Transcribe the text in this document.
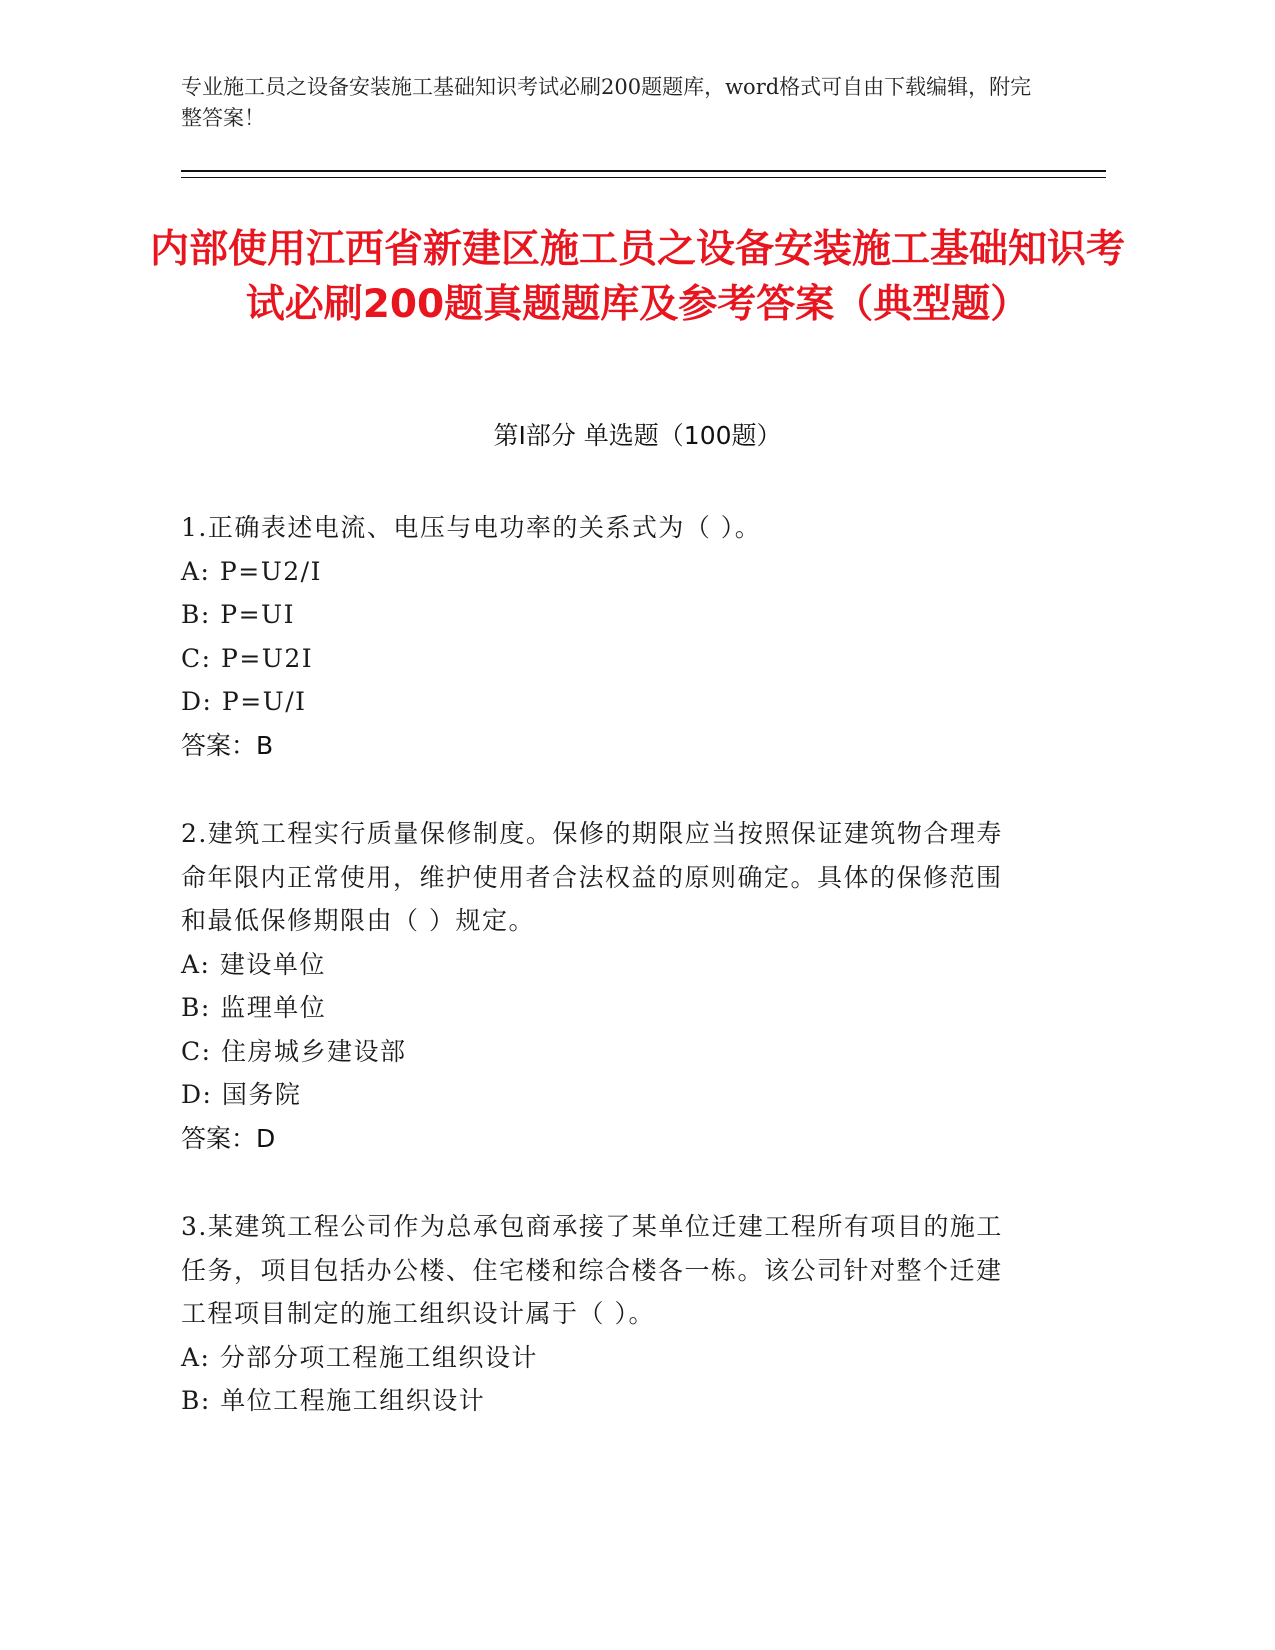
专业施工员之设备安装施工基础知识考试必刷200题题库，word格式可自由下载编辑，附完整答案！
内部使用江西省新建区施工员之设备安装施工基础知识考试必刷200题真题题库及参考答案（典型题）
第Ⅰ部分 单选题（100题）
1.正确表述电流、电压与电功率的关系式为（ ）。
A: P=U2/I
B: P=UI
C: P=U2I
D: P=U/I
答案：B
2.建筑工程实行质量保修制度。保修的期限应当按照保证建筑物合理寿命年限内正常使用，维护使用者合法权益的原则确定。具体的保修范围和最低保修期限由（ ）规定。
A: 建设单位
B: 监理单位
C: 住房城乡建设部
D: 国务院
答案：D
3.某建筑工程公司作为总承包商承接了某单位迁建工程所有项目的施工任务，项目包括办公楼、住宅楼和综合楼各一栋。该公司针对整个迁建工程项目制定的施工组织设计属于（ ）。
A: 分部分项工程施工组织设计
B: 单位工程施工组织设计
